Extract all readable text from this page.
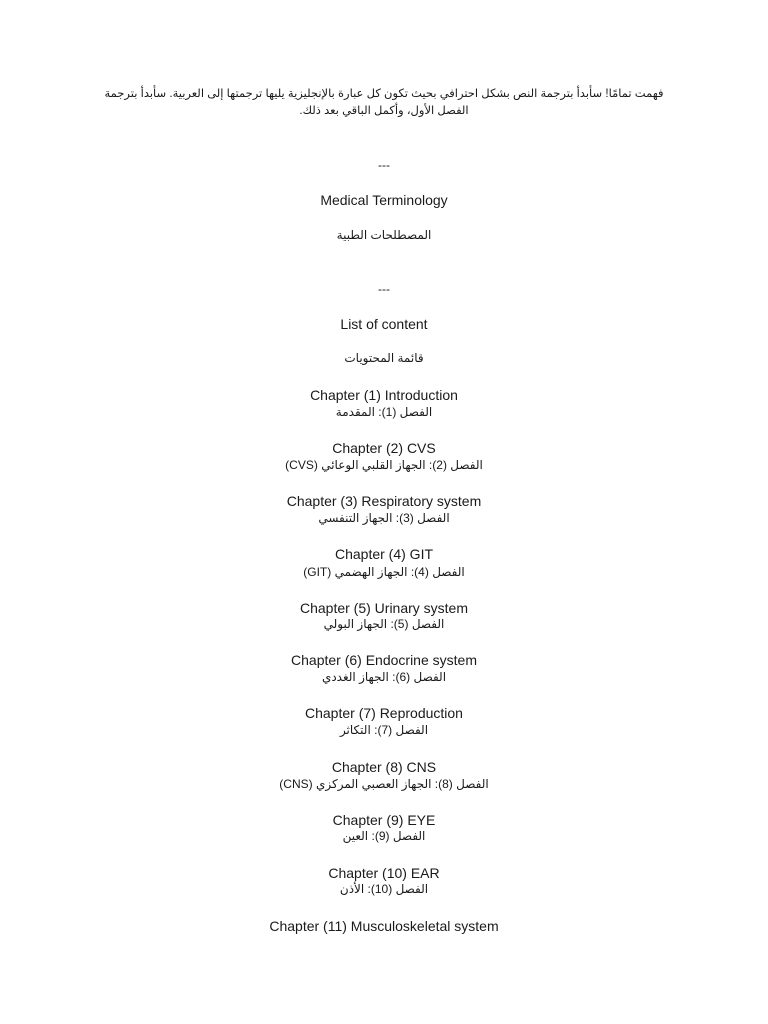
فهمت تمامًا! سأبدأ بترجمة النص بشكل احترافي بحيث تكون كل عبارة بالإنجليزية يليها ترجمتها إلى العربية. سأبدأ بترجمة الفصل الأول، وأكمل الباقي بعد ذلك.
---
Medical Terminology
المصطلحات الطبية
---
List of content
قائمة المحتويات
Chapter (1) Introduction
الفصل (1): المقدمة
Chapter (2) CVS
الفصل (2): الجهاز القلبي الوعائي (CVS)
Chapter (3) Respiratory system
الفصل (3): الجهاز التنفسي
Chapter (4) GIT
الفصل (4): الجهاز الهضمي (GIT)
Chapter (5) Urinary system
الفصل (5): الجهاز البولي
Chapter (6) Endocrine system
الفصل (6): الجهاز الغددي
Chapter (7) Reproduction
الفصل (7): التكاثر
Chapter (8) CNS
الفصل (8): الجهاز العصبي المركزي (CNS)
Chapter (9) EYE
الفصل (9): العين
Chapter (10) EAR
الفصل (10): الأذن
Chapter (11) Musculoskeletal system
